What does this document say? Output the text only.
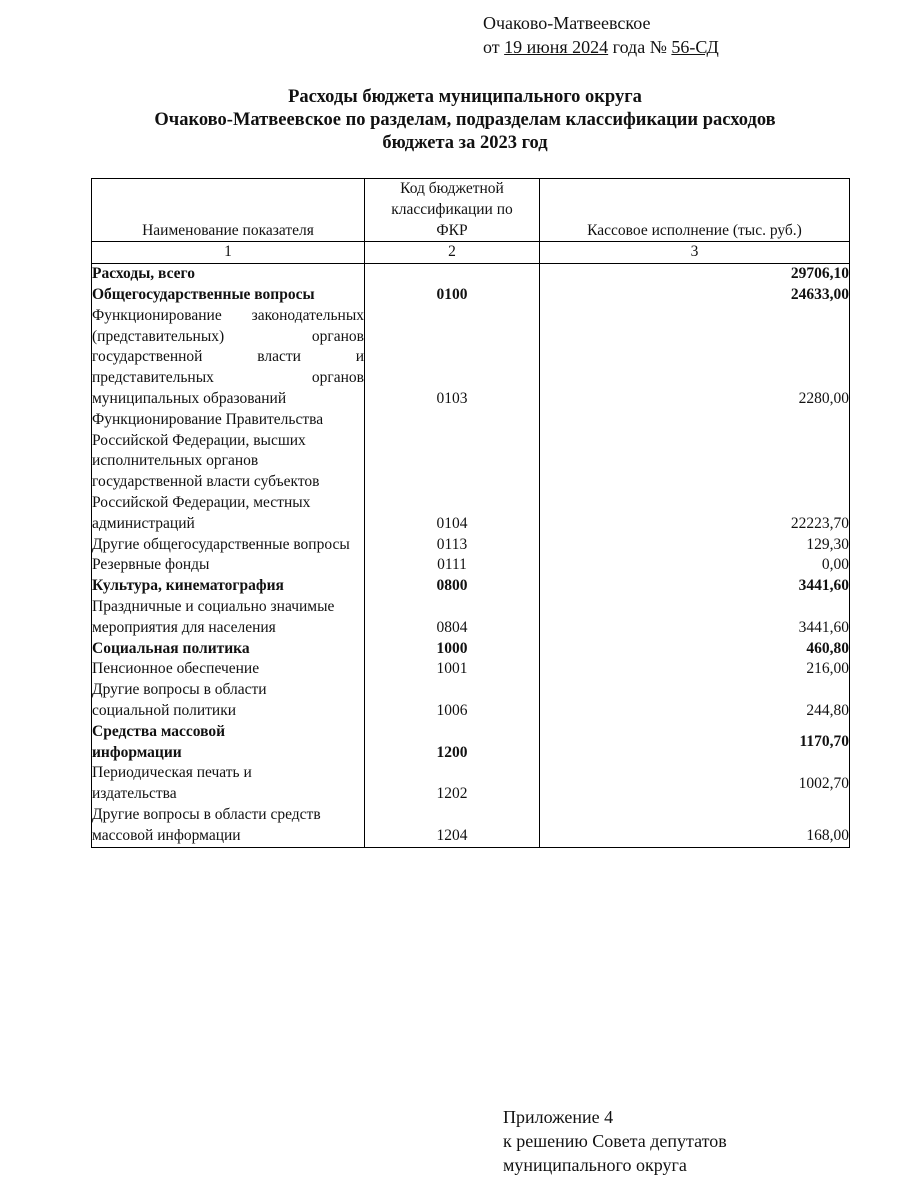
Очаково-Матвеевское
от 19 июня 2024 года № 56-СД
Расходы бюджета муниципального округа
Очаково-Матвеевское по разделам, подразделам классификации расходов
бюджета за 2023 год
Наименование показателя	Код бюджетной классификации по ФКР	Кассовое исполнение (тыс. руб.)
1	2	3
Расходы, всего		29706,10
Общегосударственные вопросы	0100	24633,00
Функционирование законодательных (представительных) органов государственной власти и представительных органов муниципальных образований	0103	2280,00
Функционирование Правительства Российской Федерации, высших исполнительных органов государственной власти субъектов Российской Федерации, местных администраций	0104	22223,70
Другие общегосударственные вопросы	0113	129,30
Резервные фонды	0111	0,00
Культура, кинематография	0800	3441,60
Праздничные и социально значимые мероприятия для населения	0804	3441,60
Социальная политика	1000	460,80
Пенсионное обеспечение	1001	216,00
Другие вопросы в области социальной политики	1006	244,80
Средства массовой информации	1200	1170,70
Периодическая печать и издательства	1202	1002,70
Другие вопросы в области средств массовой информации	1204	168,00
Приложение 4
к решению Совета депутатов
муниципального округа
